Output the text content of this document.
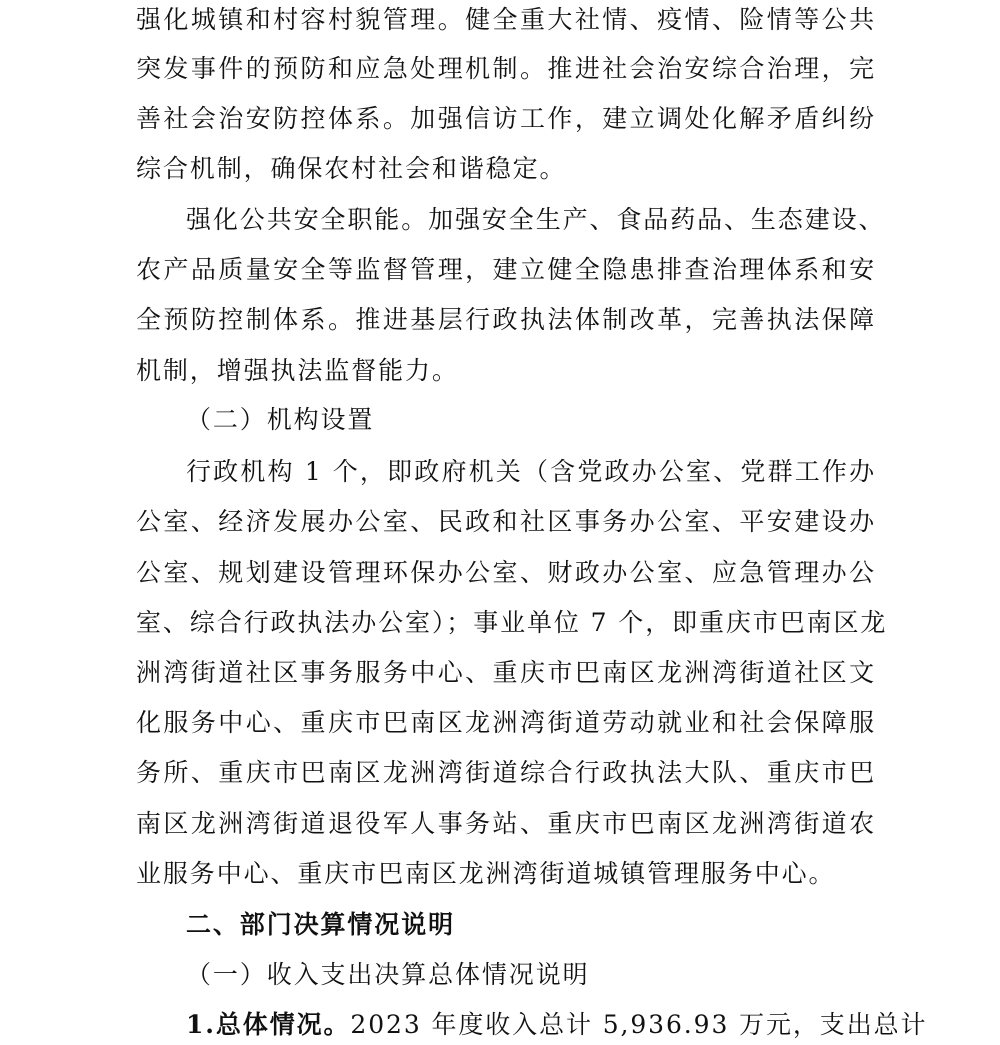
强化城镇和村容村貌管理。健全重大社情、疫情、险情等公共
突发事件的预防和应急处理机制。推进社会治安综合治理，完
善社会治安防控体系。加强信访工作，建立调处化解矛盾纠纷
综合机制，确保农村社会和谐稳定。
强化公共安全职能。加强安全生产、食品药品、生态建设、
农产品质量安全等监督管理，建立健全隐患排查治理体系和安
全预防控制体系。推进基层行政执法体制改革，完善执法保障
机制，增强执法监督能力。
（二）机构设置
行政机构 1 个，即政府机关（含党政办公室、党群工作办
公室、经济发展办公室、民政和社区事务办公室、平安建设办
公室、规划建设管理环保办公室、财政办公室、应急管理办公
室、综合行政执法办公室）；事业单位 7 个，即重庆市巴南区龙
洲湾街道社区事务服务中心、重庆市巴南区龙洲湾街道社区文
化服务中心、重庆市巴南区龙洲湾街道劳动就业和社会保障服
务所、重庆市巴南区龙洲湾街道综合行政执法大队、重庆市巴
南区龙洲湾街道退役军人事务站、重庆市巴南区龙洲湾街道农
业服务中心、重庆市巴南区龙洲湾街道城镇管理服务中心。
二、部门决算情况说明
（一）收入支出决算总体情况说明
1.总体情况。2023 年度收入总计 5,936.93 万元，支出总计
